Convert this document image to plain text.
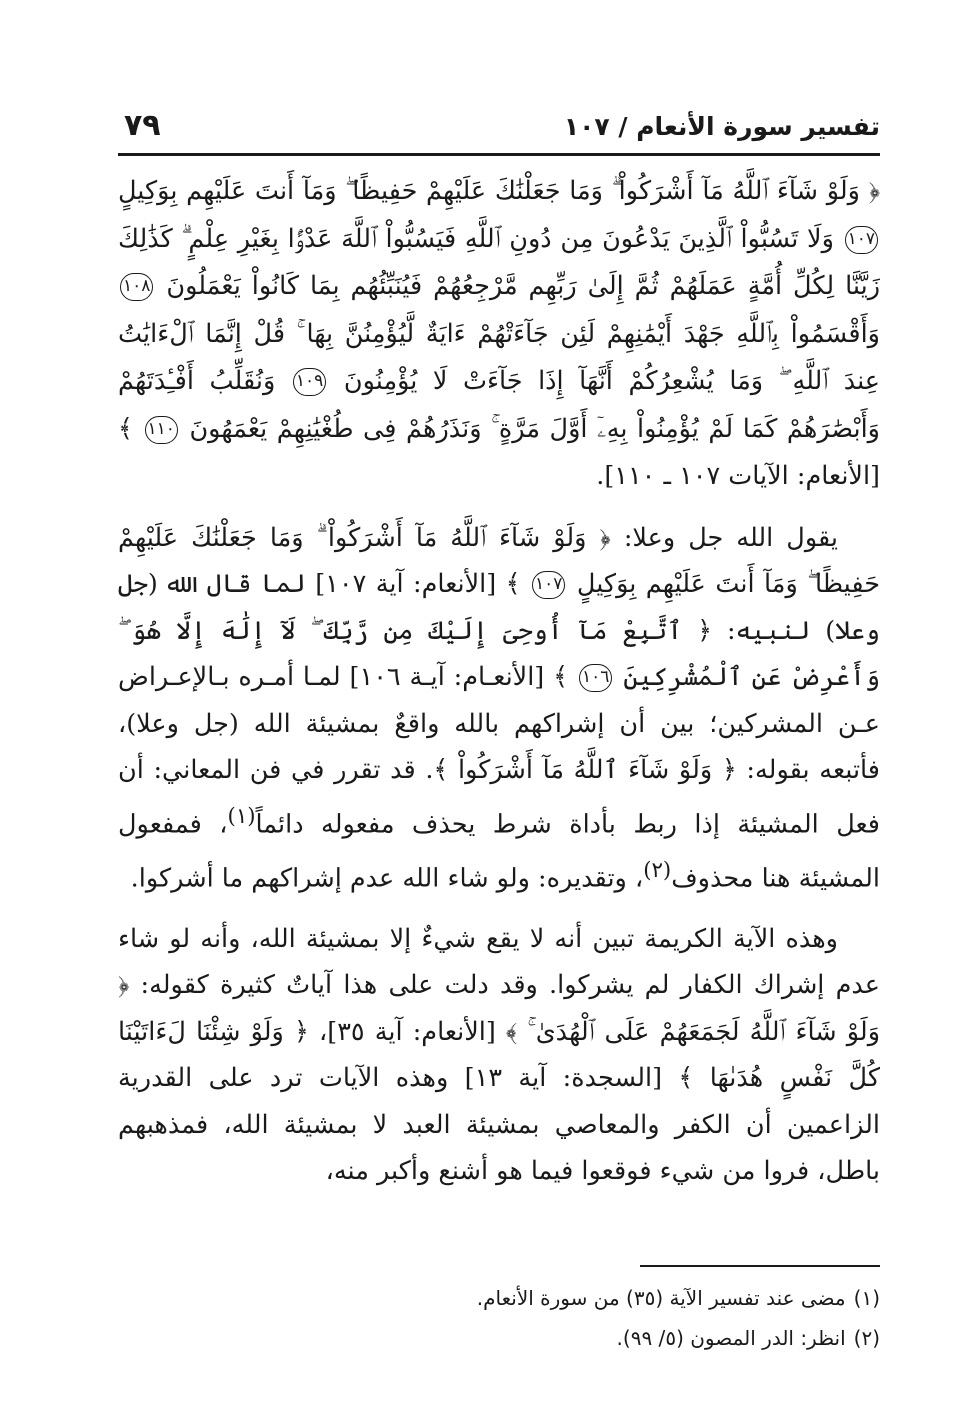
تفسير سورة الأنعام / ١٠٧
٧٩

﴿ وَلَوْ شَآءَ ٱللَّهُ مَآ أَشْرَكُواْ ۗ وَمَا جَعَلْنَٰكَ عَلَيْهِمْ حَفِيظًا ۖ وَمَآ أَنتَ عَلَيْهِم بِوَكِيلٍ ١٠٧ وَلَا تَسُبُّواْ ٱلَّذِينَ يَدْعُونَ مِن دُونِ ٱللَّهِ فَيَسُبُّواْ ٱللَّهَ عَدْوًۢا بِغَيْرِ عِلْمٍ ۗ كَذَٰلِكَ زَيَّنَّا لِكُلِّ أُمَّةٍ عَمَلَهُمْ ثُمَّ إِلَىٰ رَبِّهِم مَّرْجِعُهُمْ فَيُنَبِّئُهُم بِمَا كَانُواْ يَعْمَلُونَ ١٠٨ وَأَقْسَمُواْ بِٱللَّهِ جَهْدَ أَيْمَٰنِهِمْ لَئِن جَآءَتْهُمْ ءَايَةٌ لَّيُؤْمِنُنَّ بِهَا ۚ قُلْ إِنَّمَا ٱلْءَايَٰتُ عِندَ ٱللَّهِ ۖ وَمَا يُشْعِرُكُمْ أَنَّهَآ إِذَا جَآءَتْ لَا يُؤْمِنُونَ ١٠٩ وَنُقَلِّبُ أَفْـِٔدَتَهُمْ وَأَبْصَٰرَهُمْ كَمَا لَمْ يُؤْمِنُواْ بِهِۦٓ أَوَّلَ مَرَّةٍ ۚ وَنَذَرُهُمْ فِى طُغْيَٰنِهِمْ يَعْمَهُونَ ١١٠ ﴾ [الأنعام: الآيات ١٠٧ ـ ١١٠].

يقول الله جل وعلا: ﴿ وَلَوْ شَآءَ ٱللَّهُ مَآ أَشْرَكُواْ ۗ وَمَا جَعَلْنَٰكَ عَلَيْهِمْ حَفِيظًا ۖ وَمَآ أَنتَ عَلَيْهِم بِوَكِيلٍ ١٠٧ ﴾ [الأنعام: آية ١٠٧] لما قال الله (جل وعلا) لنبيه: ﴿ ٱتَّبِعْ مَآ أُوحِىَ إِلَيْكَ مِن رَّبِّكَ ۖ لَآ إِلَٰهَ إِلَّا هُوَ ۖ وَأَعْرِضْ عَنِ ٱلْمُشْرِكِينَ ١٠٦ ﴾ [الأنعـام: آيـة ١٠٦] لمـا أمـره بـالإعـراض عـن المشركين؛ بين أن إشراكهم بالله واقعٌ بمشيئة الله (جل وعلا)، فأتبعه بقوله: ﴿ وَلَوْ شَآءَ ٱللَّهُ مَآ أَشْرَكُواْ ﴾. قد تقرر في فن المعاني: أن فعل المشيئة إذا ربط بأداة شرط يحذف مفعوله دائماً$^{(١)}$، فمفعول المشيئة هنا محذوف$^{(٢)}$، وتقديره: ولو شاء الله عدم إشراكهم ما أشركوا.

وهذه الآية الكريمة تبين أنه لا يقع شيءٌ إلا بمشيئة الله، وأنه لو شاء عدم إشراك الكفار لم يشركوا. وقد دلت على هذا آياتٌ كثيرة كقوله: ﴿ وَلَوْ شَآءَ ٱللَّهُ لَجَمَعَهُمْ عَلَى ٱلْهُدَىٰ ۚ ﴾ [الأنعام: آية ٣٥]، ﴿ وَلَوْ شِئْنَا لَءَاتَيْنَا كُلَّ نَفْسٍ هُدَىٰهَا ﴾ [السجدة: آية ١٣] وهذه الآيات ترد على القدرية الزاعمين أن الكفر والمعاصي بمشيئة العبد لا بمشيئة الله، فمذهبهم باطل، فروا من شيء فوقعوا فيما هو أشنع وأكبر منه،

(١)مضى عند تفسير الآية (٣٥) من سورة الأنعام.
(٢)انظر: الدر المصون (٥/ ٩٩).
